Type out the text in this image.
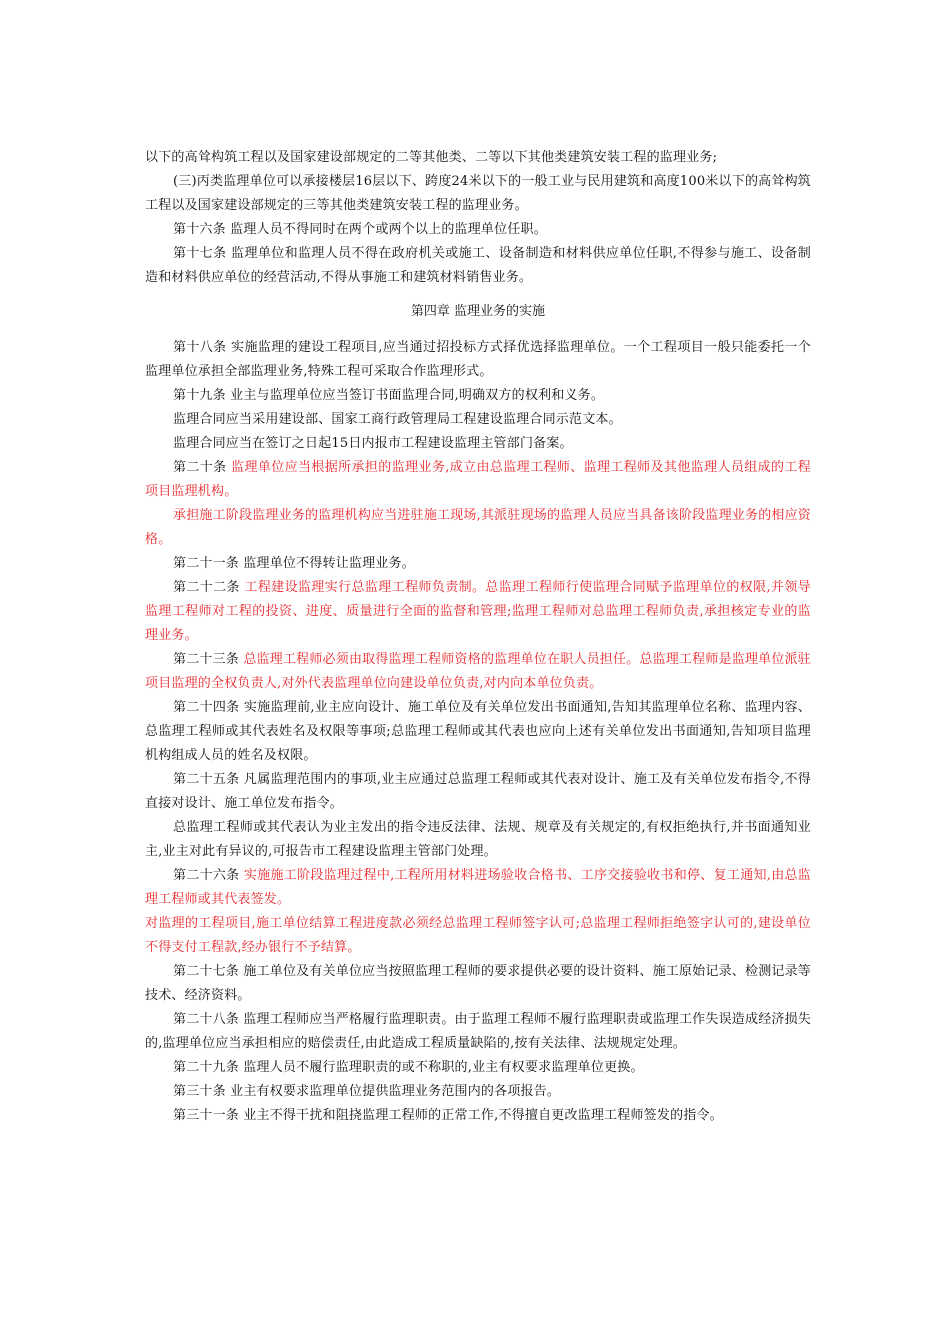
以下的高耸构筑工程以及国家建设部规定的二等其他类、二等以下其他类建筑安装工程的监理业务;

(三)丙类监理单位可以承接楼层16层以下、跨度24米以下的一般工业与民用建筑和高度100米以下的高耸构筑工程以及国家建设部规定的三等其他类建筑安装工程的监理业务。

第十六条 监理人员不得同时在两个或两个以上的监理单位任职。

第十七条 监理单位和监理人员不得在政府机关或施工、设备制造和材料供应单位任职,不得参与施工、设备制造和材料供应单位的经营活动,不得从事施工和建筑材料销售业务。

第四章 监理业务的实施

第十八条 实施监理的建设工程项目,应当通过招投标方式择优选择监理单位。一个工程项目一般只能委托一个监理单位承担全部监理业务,特殊工程可采取合作监理形式。

第十九条 业主与监理单位应当签订书面监理合同,明确双方的权利和义务。

监理合同应当采用建设部、国家工商行政管理局工程建设监理合同示范文本。

监理合同应当在签订之日起15日内报市工程建设监理主管部门备案。

第二十条 监理单位应当根据所承担的监理业务,成立由总监理工程师、监理工程师及其他监理人员组成的工程项目监理机构。

承担施工阶段监理业务的监理机构应当进驻施工现场,其派驻现场的监理人员应当具备该阶段监理业务的相应资格。

第二十一条 监理单位不得转让监理业务。

第二十二条 工程建设监理实行总监理工程师负责制。总监理工程师行使监理合同赋予监理单位的权限,并领导监理工程师对工程的投资、进度、质量进行全面的监督和管理;监理工程师对总监理工程师负责,承担核定专业的监理业务。

第二十三条 总监理工程师必须由取得监理工程师资格的监理单位在职人员担任。总监理工程师是监理单位派驻项目监理的全权负责人,对外代表监理单位向建设单位负责,对内向本单位负责。

第二十四条 实施监理前,业主应向设计、施工单位及有关单位发出书面通知,告知其监理单位名称、监理内容、总监理工程师或其代表姓名及权限等事项;总监理工程师或其代表也应向上述有关单位发出书面通知,告知项目监理机构组成人员的姓名及权限。

第二十五条 凡属监理范围内的事项,业主应通过总监理工程师或其代表对设计、施工及有关单位发布指令,不得直接对设计、施工单位发布指令。

总监理工程师或其代表认为业主发出的指令违反法律、法规、规章及有关规定的,有权拒绝执行,并书面通知业主,业主对此有异议的,可报告市工程建设监理主管部门处理。

第二十六条 实施施工阶段监理过程中,工程所用材料进场验收合格书、工序交接验收书和停、复工通知,由总监理工程师或其代表签发。

对监理的工程项目,施工单位结算工程进度款必须经总监理工程师签字认可;总监理工程师拒绝签字认可的,建设单位不得支付工程款,经办银行不予结算。

第二十七条 施工单位及有关单位应当按照监理工程师的要求提供必要的设计资料、施工原始记录、检测记录等技术、经济资料。

第二十八条 监理工程师应当严格履行监理职责。由于监理工程师不履行监理职责或监理工作失误造成经济损失的,监理单位应当承担相应的赔偿责任,由此造成工程质量缺陷的,按有关法律、法规规定处理。

第二十九条 监理人员不履行监理职责的或不称职的,业主有权要求监理单位更换。

第三十条 业主有权要求监理单位提供监理业务范围内的各项报告。

第三十一条 业主不得干扰和阻挠监理工程师的正常工作,不得擅自更改监理工程师签发的指令。
